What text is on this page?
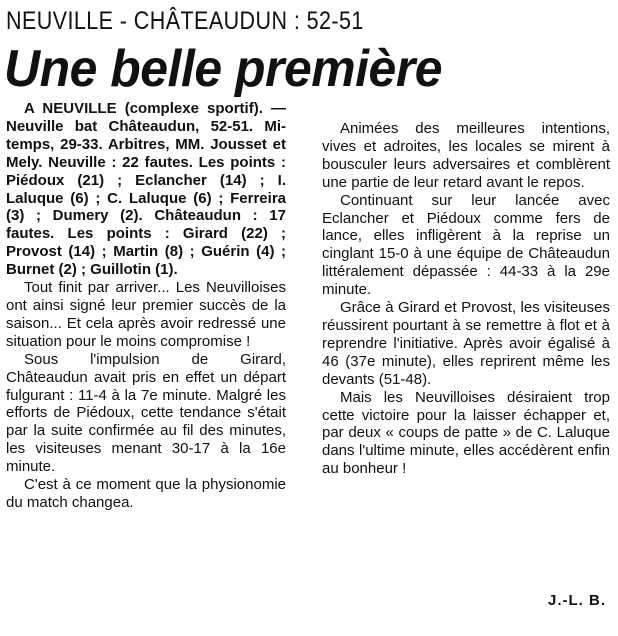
NEUVILLE - CHÂTEAUDUN : 52-51
Une belle première

A NEUVILLE (complexe sportif). — Neuville bat Châteaudun, 52-51. Mi-temps, 29-33. Arbitres, MM. Jousset et Mely. Neuville : 22 fautes. Les points : Piédoux (21) ; Eclancher (14) ; I. Laluque (6) ; C. Laluque (6) ; Ferreira (3) ; Dumery (2). Châteaudun : 17 fautes. Les points : Girard (22) ; Provost (14) ; Martin (8) ; Guérin (4) ; Burnet (2) ; Guillotin (1).

Tout finit par arriver... Les Neuvilloises ont ainsi signé leur premier succès de la saison... Et cela après avoir redressé une situation pour le moins compromise !

Sous l'impulsion de Girard, Châteaudun avait pris en effet un départ fulgurant : 11-4 à la 7e minute. Malgré les efforts de Piédoux, cette tendance s'était par la suite confirmée au fil des minutes, les visiteuses menant 30-17 à la 16e minute.

C'est à ce moment que la physionomie du match changea.

Animées des meilleures intentions, vives et adroites, les locales se mirent à bousculer leurs adversaires et comblèrent une partie de leur retard avant le repos.

Continuant sur leur lancée avec Eclancher et Piédoux comme fers de lance, elles infligèrent à la reprise un cinglant 15-0 à une équipe de Châteaudun littéralement dépassée : 44-33 à la 29e minute.

Grâce à Girard et Provost, les visiteuses réussirent pourtant à se remettre à flot et à reprendre l'initiative. Après avoir égalisé à 46 (37e minute), elles reprirent même les devants (51-48).

Mais les Neuvilloises désiraient trop cette victoire pour la laisser échapper et, par deux « coups de patte » de C. Laluque dans l'ultime minute, elles accédèrent enfin au bonheur !

J.-L. B.
